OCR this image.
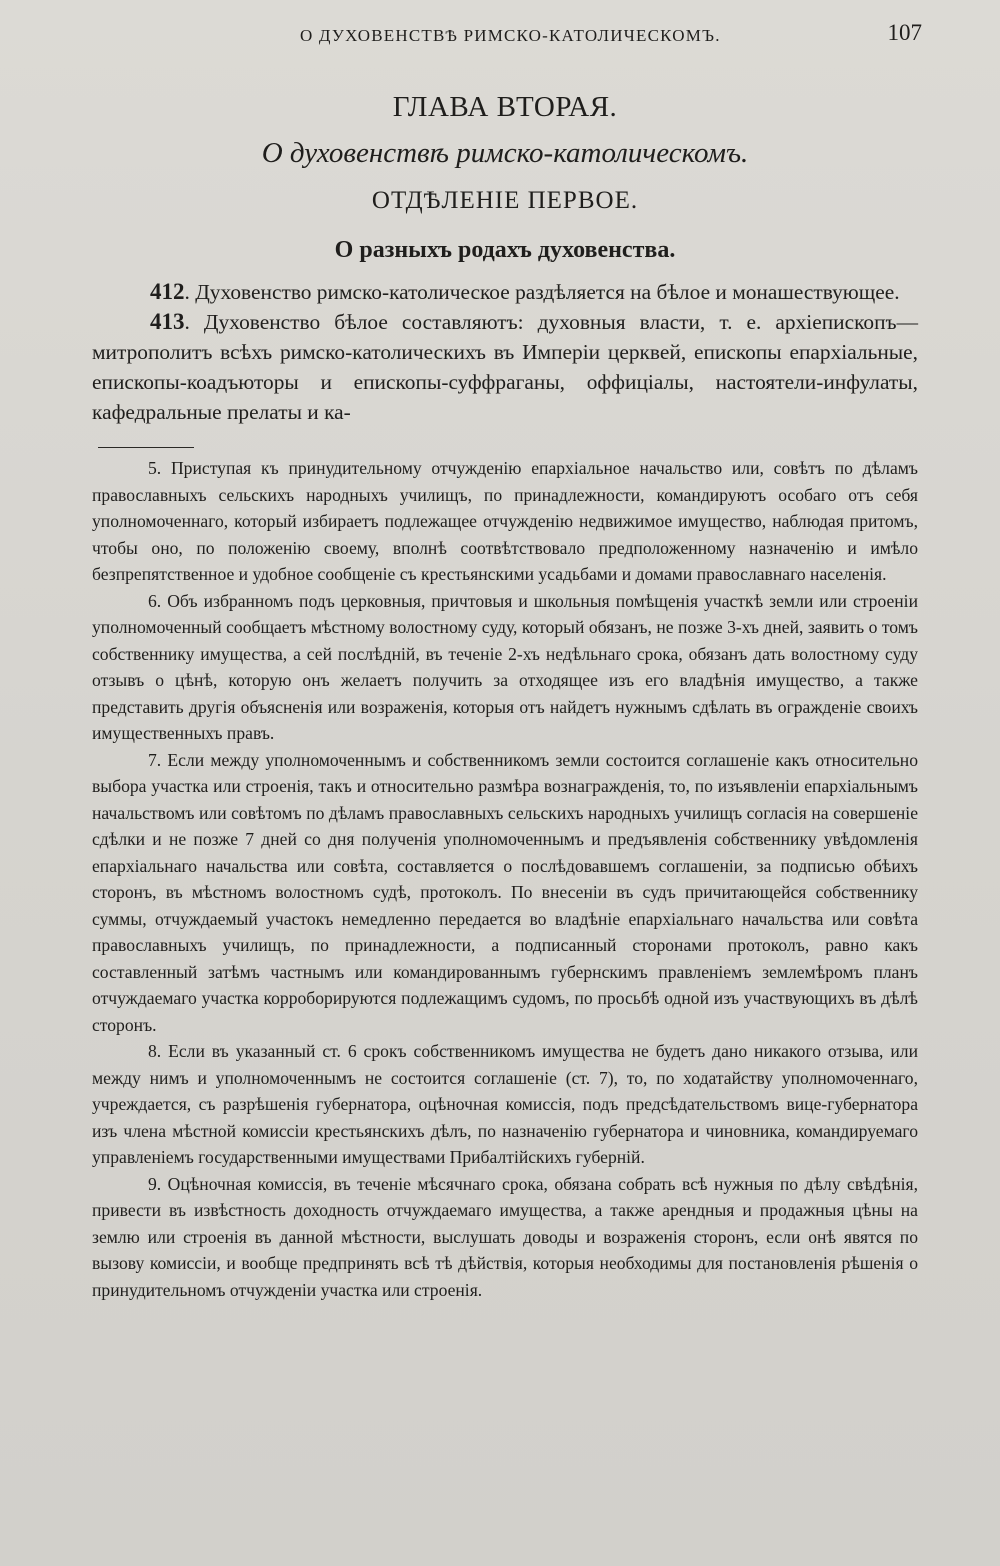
О ДУХОВЕНСТВѢ РИМСКО-КАТОЛИЧЕСКОМЪ.	107
ГЛАВА ВТОРАЯ.
О духовенствѣ римско-католическомъ.
ОТДѢЛЕНІЕ ПЕРВОЕ.
О разныхъ родахъ духовенства.

412. Духовенство римско-католическое раздѣляется на бѣлое и монашествующее.

413. Духовенство бѣлое составляютъ: духовныя власти, т. е. архіепископъ—митрополитъ всѣхъ римско-католическихъ въ Имперіи церквей, епископы епархіальные, епископы-коадъюторы и епископы-суффраганы, оффиціалы, настоятели-инфулаты, кафедральные прелаты и ка-

5. Приступая къ принудительному отчужденію епархіальное начальство или, совѣтъ по дѣламъ православныхъ сельскихъ народныхъ училищъ, по принадлежности, командируютъ особаго отъ себя уполномоченнаго, который избираетъ подлежащее отчужденію недвижимое имущество, наблюдая притомъ, чтобы оно, по положенію своему, вполнѣ соотвѣтствовало предположенному назначенію и имѣло безпрепятственное и удобное сообщеніе съ крестьянскими усадьбами и домами православнаго населенія.

6. Объ избранномъ подъ церковныя, причтовыя и школьныя помѣщенія участкѣ земли или строеніи уполномоченный сообщаетъ мѣстному волостному суду, который обязанъ, не позже 3-хъ дней, заявить о томъ собственнику имущества, а сей послѣдній, въ теченіе 2-хъ недѣльнаго срока, обязанъ дать волостному суду отзывъ о цѣнѣ, которую онъ желаетъ получить за отходящее изъ его владѣнія имущество, а также представить другія объясненія или возраженія, которыя отъ найдетъ нужнымъ сдѣлать въ огражденіе своихъ имущественныхъ правъ.

7. Если между уполномоченнымъ и собственникомъ земли состоится соглашеніе какъ относительно выбора участка или строенія, такъ и относительно размѣра вознагражденія, то, по изъявленіи епархіальнымъ начальствомъ или совѣтомъ по дѣламъ православныхъ сельскихъ народныхъ училищъ согласія на совершеніе сдѣлки и не позже 7 дней со дня полученія уполномоченнымъ и предъявленія собственнику увѣдомленія епархіальнаго начальства или совѣта, составляется о послѣдовавшемъ соглашеніи, за подписью обѣихъ сторонъ, въ мѣстномъ волостномъ судѣ, протоколъ. По внесеніи въ судъ причитающейся собственнику суммы, отчуждаемый участокъ немедленно передается во владѣніе епархіальнаго начальства или совѣта православныхъ училищъ, по принадлежности, а подписанный сторонами протоколъ, равно какъ составленный затѣмъ частнымъ или командированнымъ губернскимъ правленіемъ землемѣромъ планъ отчуждаемаго участка корроборируются подлежащимъ судомъ, по просьбѣ одной изъ участвующихъ въ дѣлѣ сторонъ.

8. Если въ указанный ст. 6 срокъ собственникомъ имущества не будетъ дано никакого отзыва, или между нимъ и уполномоченнымъ не состоится соглашеніе (ст. 7), то, по ходатайству уполномоченнаго, учреждается, съ разрѣшенія губернатора, оцѣночная комиссія, подъ предсѣдательствомъ вице-губернатора изъ члена мѣстной комиссіи крестьянскихъ дѣлъ, по назначенію губернатора и чиновника, командируемаго управленіемъ государственными имуществами Прибалтійскихъ губерній.

9. Оцѣночная комиссія, въ теченіе мѣсячнаго срока, обязана собрать всѣ нужныя по дѣлу свѣдѣнія, привести въ извѣстность доходность отчуждаемаго имущества, а также арендныя и продажныя цѣны на землю или строенія въ данной мѣстности, выслушать доводы и возраженія сторонъ, если онѣ явятся по вызову комиссіи, и вообще предпринять всѣ тѣ дѣйствія, которыя необходимы для постановленія рѣшенія о принудительномъ отчужденіи участка или строенія.
